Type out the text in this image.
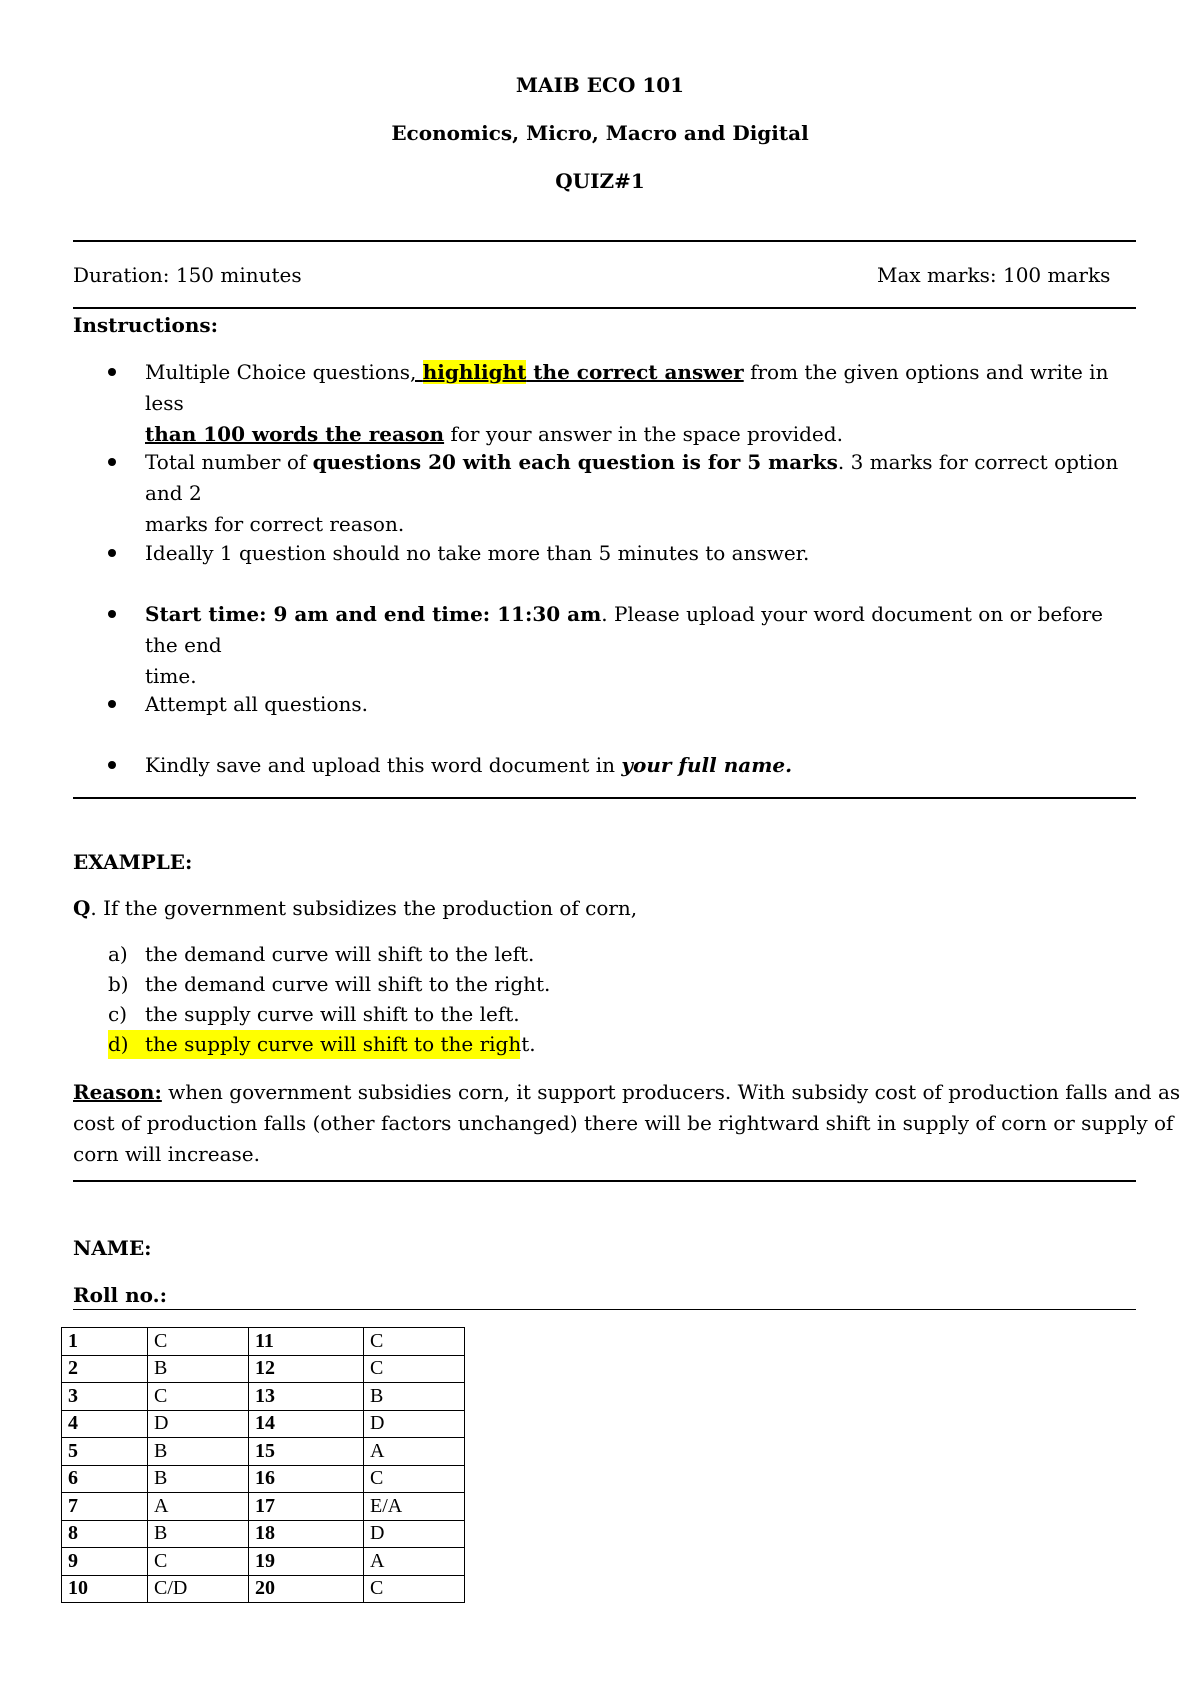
MAIB ECO 101
Economics, Micro, Macro and Digital
QUIZ#1
Duration: 150 minutes	Max marks: 100 marks
Instructions:
Multiple Choice questions, highlight the correct answer from the given options and write in less
than 100 words the reason for your answer in the space provided.
Total number of questions 20 with each question is for 5 marks. 3 marks for correct option and 2
marks for correct reason.
Ideally 1 question should no take more than 5 minutes to answer.
Start time: 9 am and end time: 11:30 am. Please upload your word document on or before the end
time.
Attempt all questions.
Kindly save and upload this word document in your full name.
EXAMPLE:
Q. If the government subsidizes the production of corn,
a) the demand curve will shift to the left.
b) the demand curve will shift to the right.
c) the supply curve will shift to the left.
d) the supply curve will shift to the right.
Reason: when government subsidies corn, it support producers. With subsidy cost of production falls and as
cost of production falls (other factors unchanged) there will be rightward shift in supply of corn or supply of
corn will increase.
NAME:
Roll no.:
1	C	11	C
2	B	12	C
3	C	13	B
4	D	14	D
5	B	15	A
6	B	16	C
7	A	17	E/A
8	B	18	D
9	C	19	A
10	C/D	20	C
